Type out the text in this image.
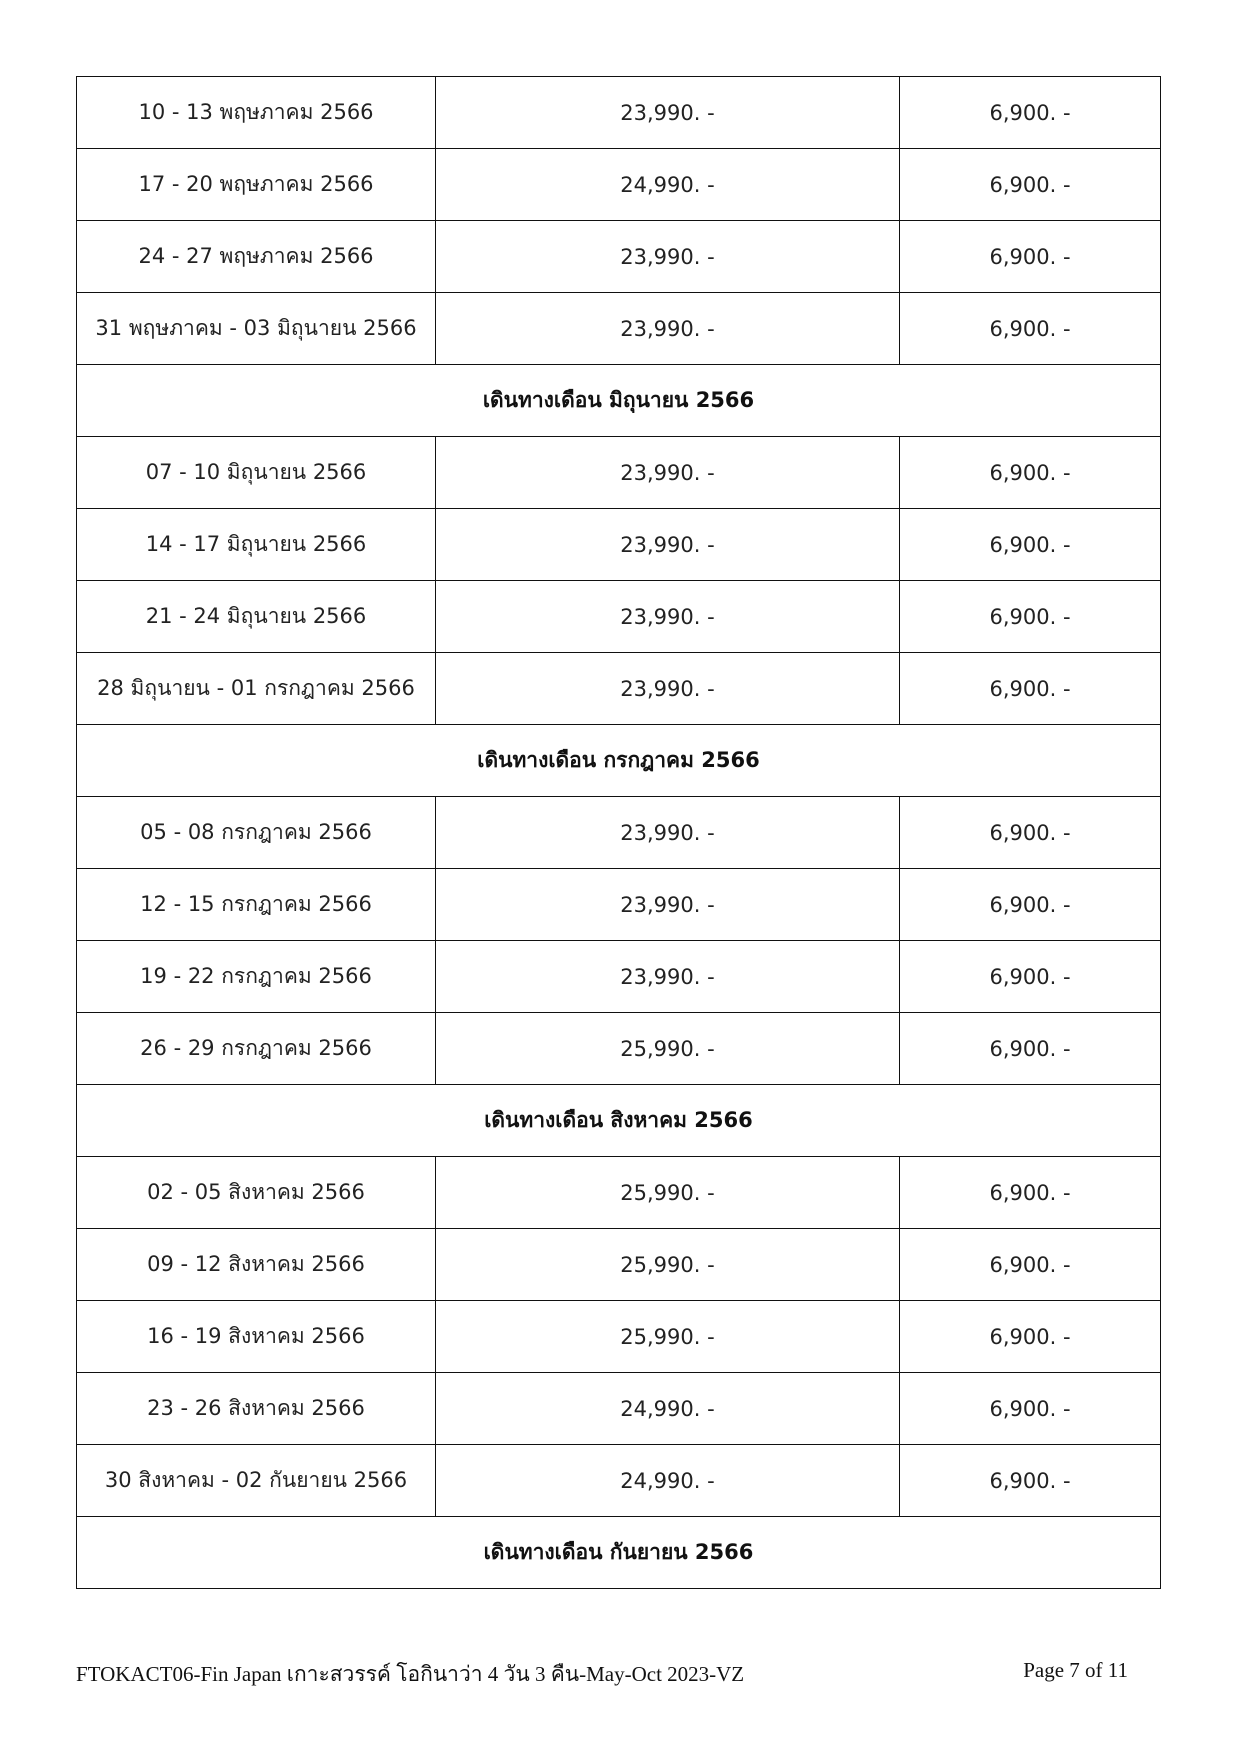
10 - 13 พฤษภาคม 2566	23,990. -	6,900. -
17 - 20 พฤษภาคม 2566	24,990. -	6,900. -
24 - 27 พฤษภาคม 2566	23,990. -	6,900. -
31 พฤษภาคม - 03 มิถุนายน 2566	23,990. -	6,900. -
เดินทางเดือน มิถุนายน 2566		
07 - 10 มิถุนายน 2566	23,990. -	6,900. -
14 - 17 มิถุนายน 2566	23,990. -	6,900. -
21 - 24 มิถุนายน 2566	23,990. -	6,900. -
28 มิถุนายน - 01 กรกฎาคม 2566	23,990. -	6,900. -
เดินทางเดือน กรกฎาคม 2566		
05 - 08 กรกฎาคม 2566	23,990. -	6,900. -
12 - 15 กรกฎาคม 2566	23,990. -	6,900. -
19 - 22 กรกฎาคม 2566	23,990. -	6,900. -
26 - 29 กรกฎาคม 2566	25,990. -	6,900. -
เดินทางเดือน สิงหาคม 2566		
02 - 05 สิงหาคม 2566	25,990. -	6,900. -
09 - 12 สิงหาคม 2566	25,990. -	6,900. -
16 - 19 สิงหาคม 2566	25,990. -	6,900. -
23 - 26 สิงหาคม 2566	24,990. -	6,900. -
30 สิงหาคม - 02 กันยายน 2566	24,990. -	6,900. -
เดินทางเดือน กันยายน 2566		
FTOKACT06-Fin Japan เกาะสวรรค์ โอกินาว่า 4 วัน 3 คืน-May-Oct 2023-VZ	Page 7 of 11
